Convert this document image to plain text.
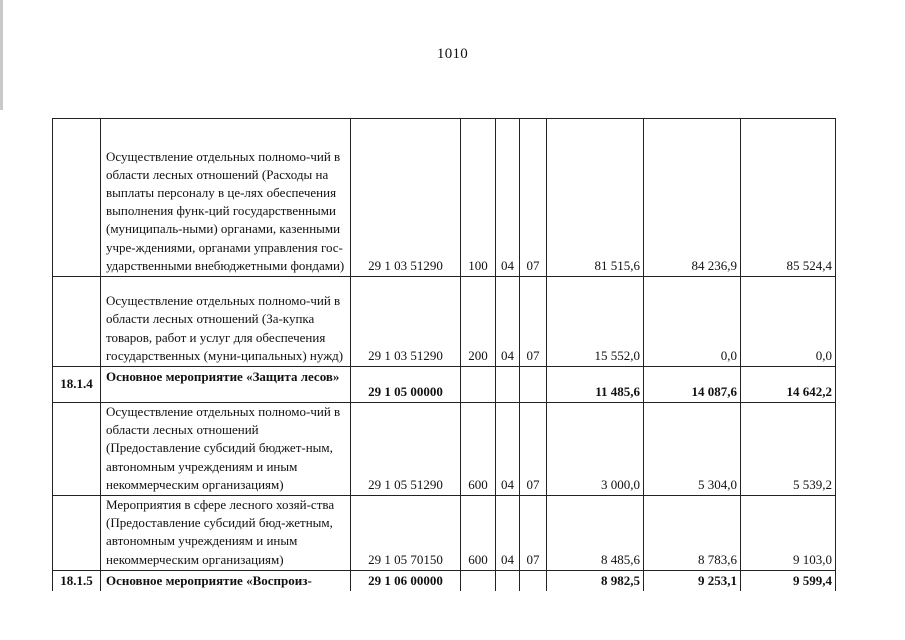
1010
	Осуществление отдельных полномо-чий в области лесных отношений (Расходы на выплаты персоналу в це-лях обеспечения выполнения функ-ций государственными (муниципаль-ными) органами, казенными учре-ждениями, органами управления гос-ударственными внебюджетными фондами)	29 1 03 51290	100	04	07	81 515,6	84 236,9	85 524,4
	Осуществление отдельных полномо-чий в области лесных отношений (За-купка товаров, работ и услуг для обеспечения государственных (муни-ципальных) нужд)	29 1 03 51290	200	04	07	15 552,0	0,0	0,0
18.1.4	Основное мероприятие «Защита лесов»	29 1 05 00000				11 485,6	14 087,6	14 642,2
	Осуществление отдельных полномо-чий в области лесных отношений (Предоставление субсидий бюджет-ным, автономным учреждениям и иным некоммерческим организациям)	29 1 05 51290	600	04	07	3 000,0	5 304,0	5 539,2
	Мероприятия в сфере лесного хозяй-ства (Предоставление субсидий бюд-жетным, автономным учреждениям и иным некоммерческим организациям)	29 1 05 70150	600	04	07	8 485,6	8 783,6	9 103,0
18.1.5	Основное мероприятие «Воспроиз-	29 1 06 00000				8 982,5	9 253,1	9 599,4
